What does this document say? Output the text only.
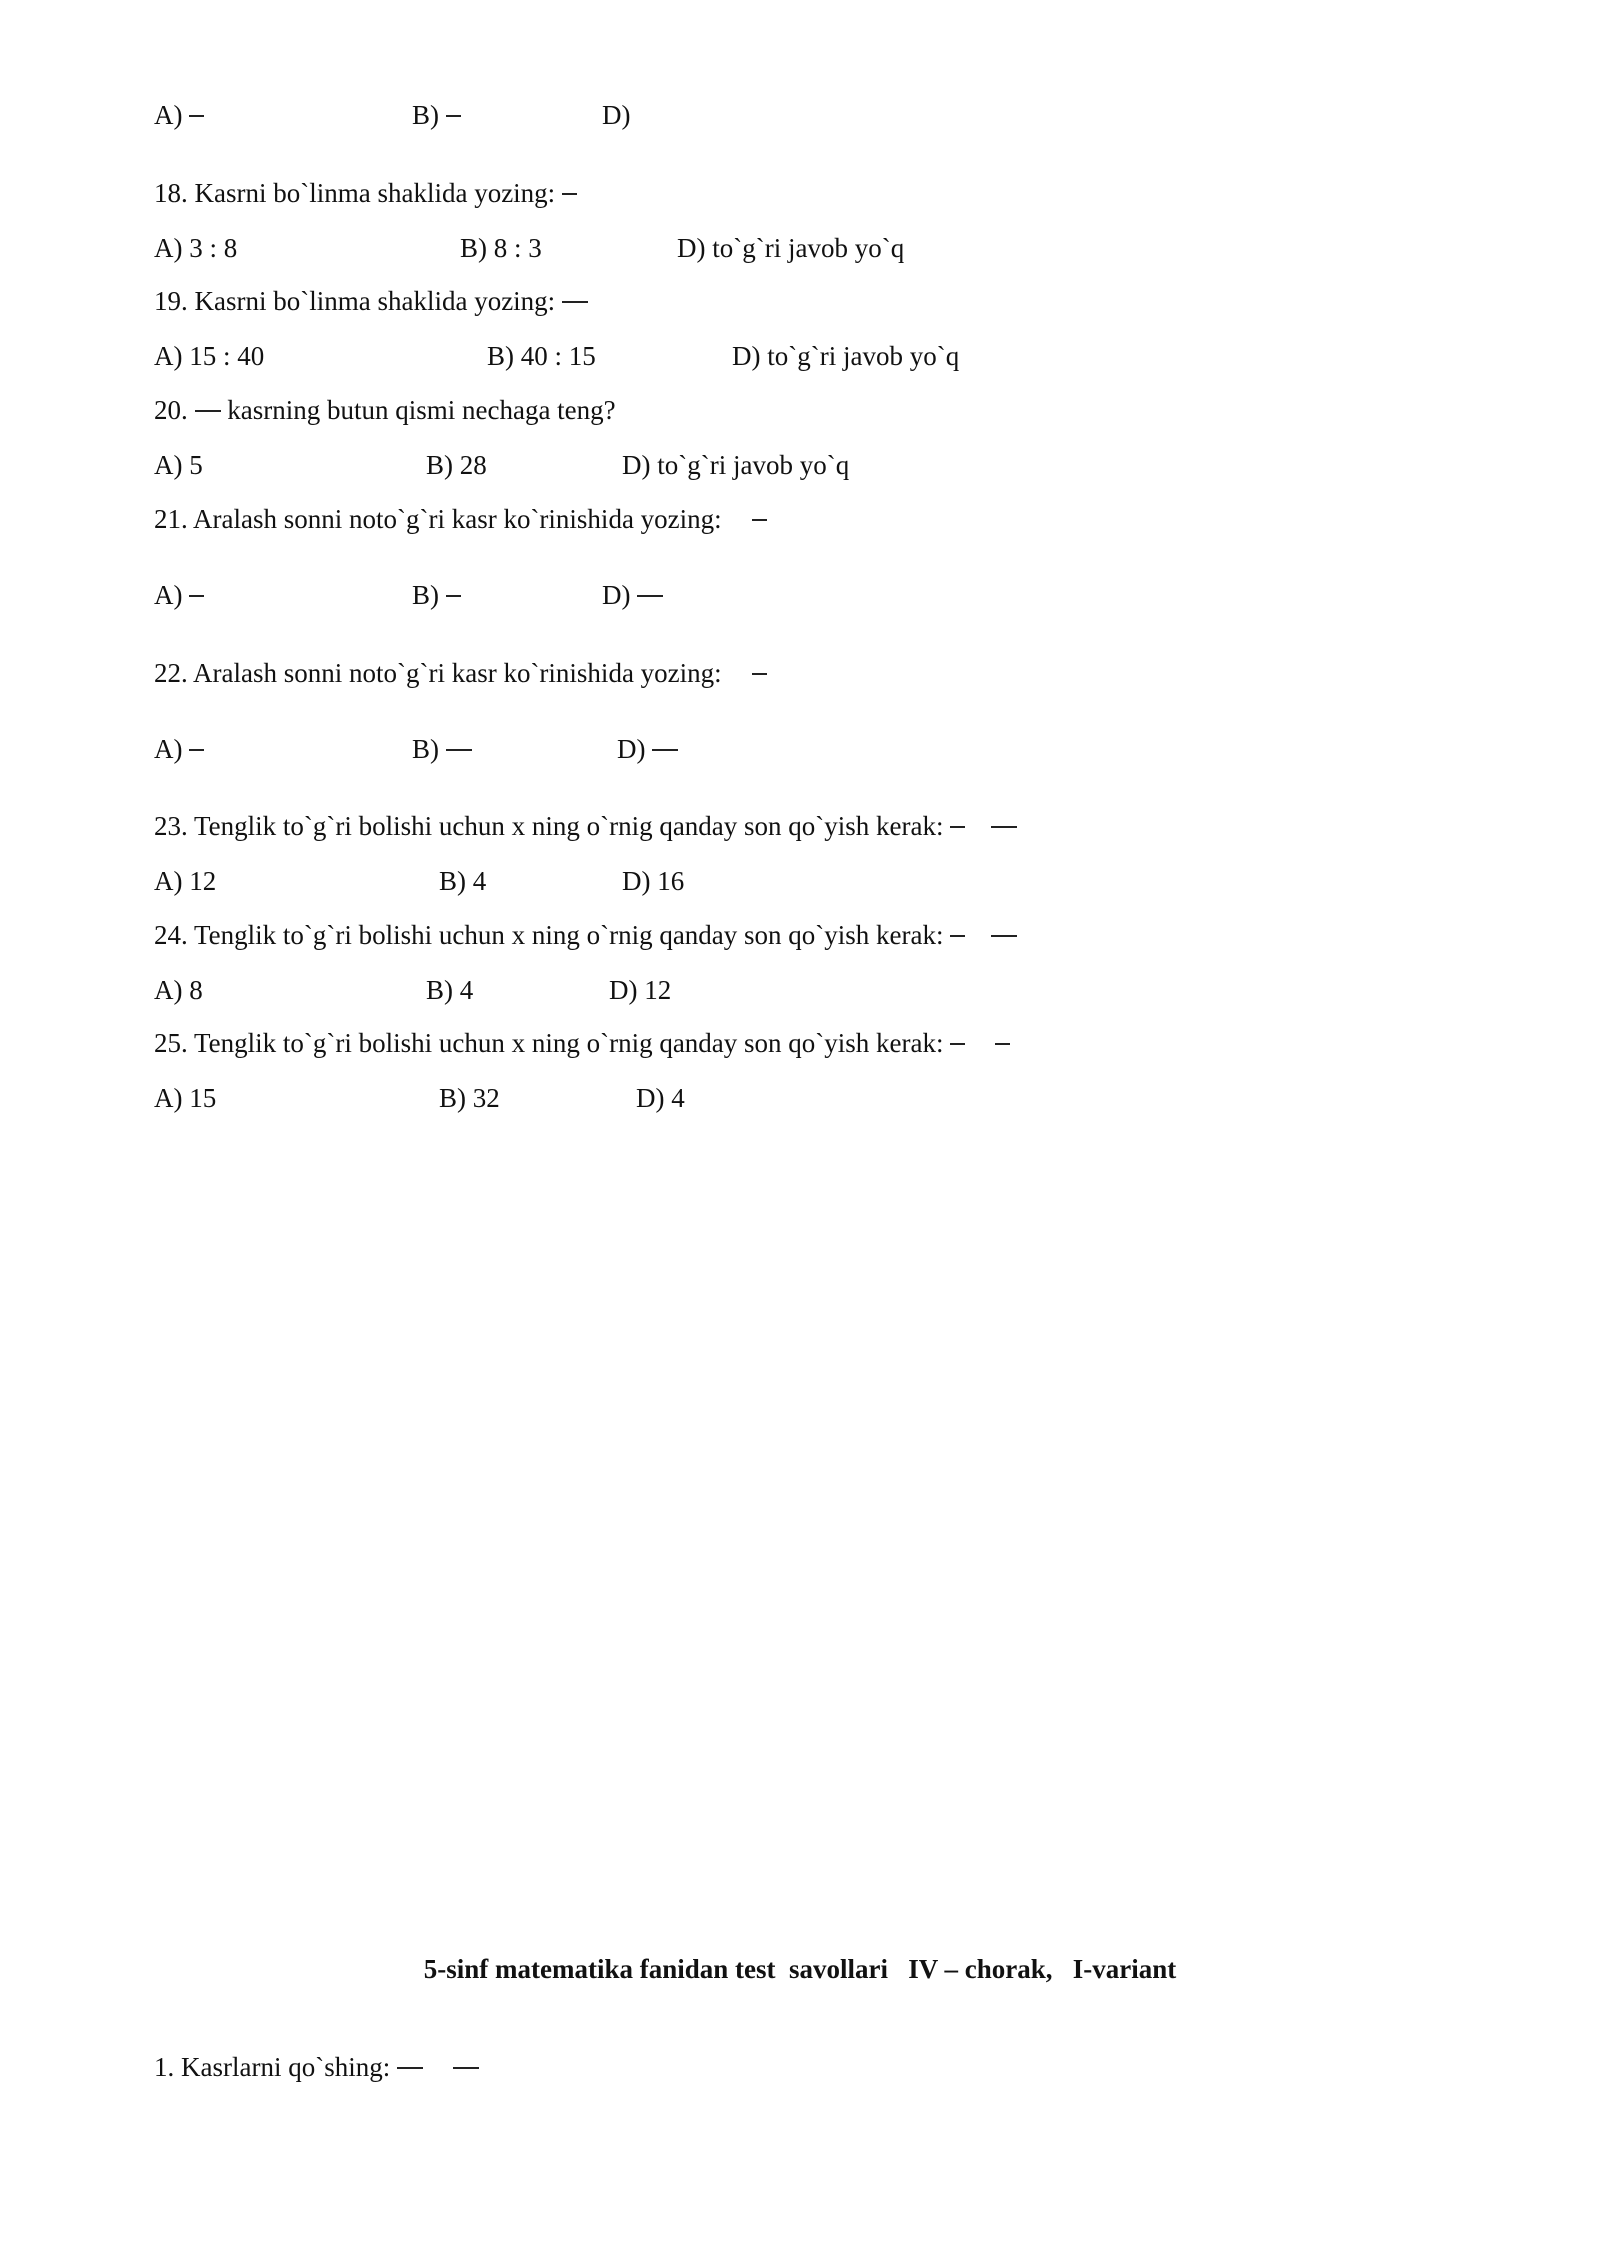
A)	B)	D)
18. Kasrni bo`linma shaklida yozing:
A) 3 : 8	B) 8 : 3	D) to`g`ri javob yo`q
19. Kasrni bo`linma shaklida yozing:
A) 15 : 40	B) 40 : 15	D) to`g`ri javob yo`q
20. kasrning butun qismi nechaga teng?
A) 5	B) 28	D) to`g`ri javob yo`q
21. Aralash sonni noto`g`ri kasr ko`rinishida yozing:
A)	B)	D)
22. Aralash sonni noto`g`ri kasr ko`rinishida yozing:
A)	B)	D)
23. Tenglik to`g`ri bolishi uchun x ning o`rnig qanday son qo`yish kerak:
A) 12	B) 4	D) 16
24. Tenglik to`g`ri bolishi uchun x ning o`rnig qanday son qo`yish kerak:
A) 8	B) 4	D) 12
25. Tenglik to`g`ri bolishi uchun x ning o`rnig qanday son qo`yish kerak:
A) 15	B) 32	D) 4
5-sinf matematika fanidan test  savollari   IV – chorak,   I-variant
1. Kasrlarni qo`shing:
